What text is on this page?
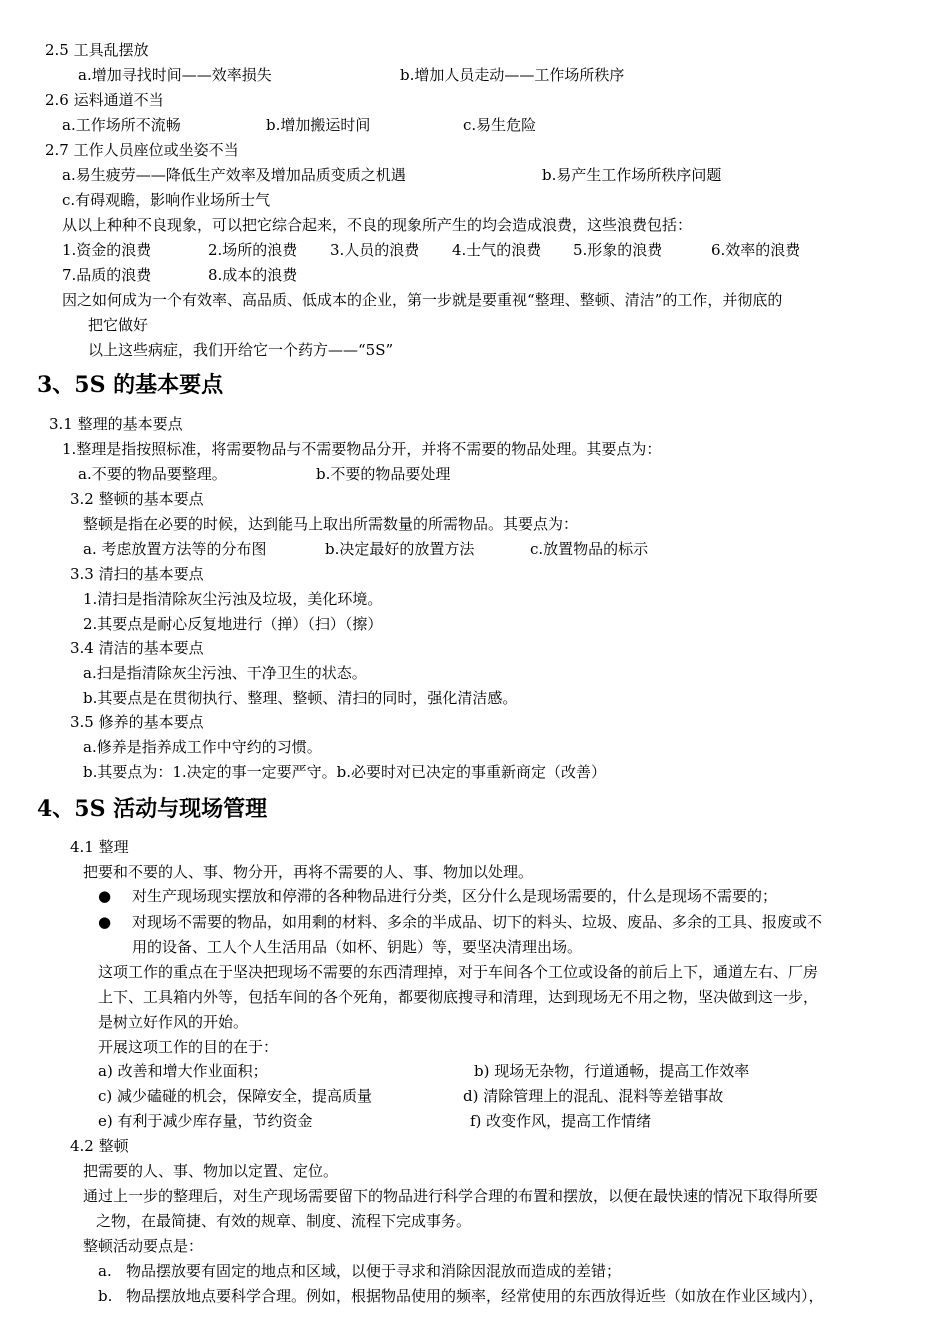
2.5 工具乱摆放
a.增加寻找时间——效率损失	b.增加人员走动——工作场所秩序
2.6 运料通道不当
a.工作场所不流畅	b.增加搬运时间	c.易生危险
2.7 工作人员座位或坐姿不当
a.易生疲劳——降低生产效率及增加品质变质之机遇	b.易产生工作场所秩序问题
c.有碍观瞻，影响作业场所士气
从以上种种不良现象，可以把它综合起来，不良的现象所产生的均会造成浪费，这些浪费包括：
1.资金的浪费	2.场所的浪费 3.人员的浪费 4.士气的浪费 5.形象的浪费	6.效率的浪费
7.品质的浪费	8.成本的浪费
因之如何成为一个有效率、高品质、低成本的企业，第一步就是要重视“整理、整顿、清洁”的工作，并彻底的
把它做好
以上这些病症，我们开给它一个药方——“5S”
3、5S 的基本要点
3.1 整理的基本要点
1.整理是指按照标准，将需要物品与不需要物品分开，并将不需要的物品处理。其要点为：
a.不要的物品要整理。	b.不要的物品要处理
3.2 整顿的基本要点
整顿是指在必要的时候，达到能马上取出所需数量的所需物品。其要点为：
a. 考虑放置方法等的分布图	b.决定最好的放置方法	c.放置物品的标示
3.3 清扫的基本要点
1.清扫是指清除灰尘污浊及垃圾，美化环境。
2.其要点是耐心反复地进行（掸）（扫）（擦）
3.4 清洁的基本要点
a.扫是指清除灰尘污浊、干净卫生的状态。
b.其要点是在贯彻执行、整理、整顿、清扫的同时，强化清洁感。
3.5 修养的基本要点
a.修养是指养成工作中守约的习惯。
b.其要点为：1.决定的事一定要严守。b.必要时对已决定的事重新商定（改善）
4、5S 活动与现场管理
4.1 整理
把要和不要的人、事、物分开，再将不需要的人、事、物加以处理。
● 对生产现场现实摆放和停滞的各种物品进行分类，区分什么是现场需要的，什么是现场不需要的；
● 对现场不需要的物品，如用剩的材料、多余的半成品、切下的料头、垃圾、废品、多余的工具、报废或不
用的设备、工人个人生活用品（如杯、钥匙）等，要坚决清理出场。
这项工作的重点在于坚决把现场不需要的东西清理掉，对于车间各个工位或设备的前后上下，通道左右、厂房
上下、工具箱内外等，包括车间的各个死角，都要彻底搜寻和清理，达到现场无不用之物，坚决做到这一步，
是树立好作风的开始。
开展这项工作的目的在于：
a) 改善和增大作业面积；	b) 现场无杂物，行道通畅，提高工作效率
c) 减少磕碰的机会，保障安全，提高质量	d) 清除管理上的混乱、混料等差错事故
e) 有利于减少库存量，节约资金	f) 改变作风，提高工作情绪
4.2 整顿
把需要的人、事、物加以定置、定位。
通过上一步的整理后，对生产现场需要留下的物品进行科学合理的布置和摆放，以便在最快速的情况下取得所要
之物，在最简捷、有效的规章、制度、流程下完成事务。
整顿活动要点是：
a. 物品摆放要有固定的地点和区域，以便于寻求和消除因混放而造成的差错；
b. 物品摆放地点要科学合理。例如，根据物品使用的频率，经常使用的东西放得近些（如放在作业区域内），
